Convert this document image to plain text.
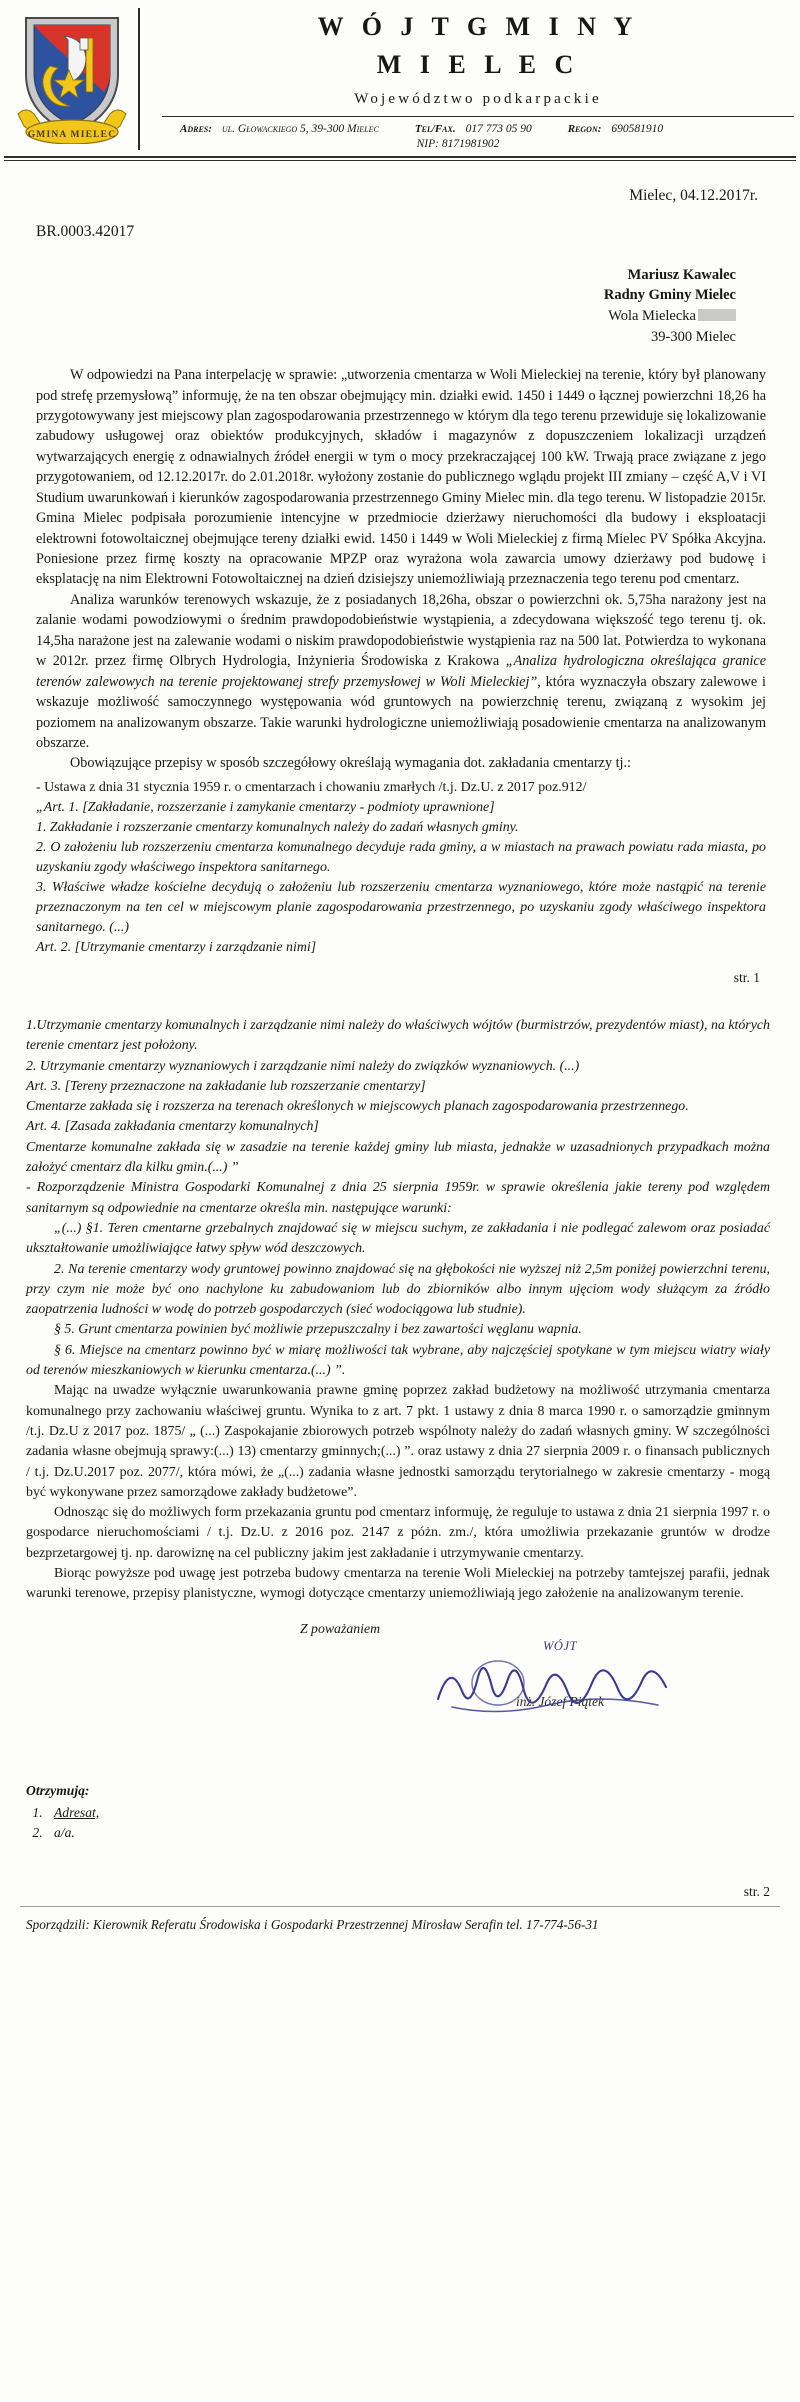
GMINA MIELEC
W Ó J T G M I N Y
M I E L E C
Województwo podkarpackie
Adres: ul. Głowackiego 5, 39-300 Mielec	Tel/Fax. 017 773 05 90	Regon: 690581910
NIP: 8171981902
Mielec, 04.12.2017r.
BR.0003.42017
Mariusz Kawalec
Radny Gminy Mielec
Wola Mielecka
39-300 Mielec

W odpowiedzi na Pana interpelację w sprawie: „utworzenia cmentarza w Woli Mieleckiej na terenie, który był planowany pod strefę przemysłową” informuję, że na ten obszar obejmujący min. działki ewid. 1450 i 1449 o łącznej powierzchni 18,26 ha przygotowywany jest miejscowy plan zagospodarowania przestrzennego w którym dla tego terenu przewiduje się lokalizowanie zabudowy usługowej oraz obiektów produkcyjnych, składów i magazynów z dopuszczeniem lokalizacji urządzeń wytwarzających energię z odnawialnych źródeł energii w tym o mocy przekraczającej 100 kW. Trwają prace związane z jego przygotowaniem, od 12.12.2017r. do 2.01.2018r. wyłożony zostanie do publicznego wglądu projekt III zmiany – część A,V i VI Studium uwarunkowań i kierunków zagospodarowania przestrzennego Gminy Mielec min. dla tego terenu. W listopadzie 2015r. Gmina Mielec podpisała porozumienie intencyjne w przedmiocie dzierżawy nieruchomości dla budowy i eksploatacji elektrowni fotowoltaicznej obejmujące tereny działki ewid. 1450 i 1449 w Woli Mieleckiej z firmą Mielec PV Spółka Akcyjna. Poniesione przez firmę koszty na opracowanie MPZP oraz wyrażona wola zawarcia umowy dzierżawy pod budowę i eksplatację na nim Elektrowni Fotowoltaicznej na dzień dzisiejszy uniemożliwiają przeznaczenia tego terenu pod cmentarz.

Analiza warunków terenowych wskazuje, że z posiadanych 18,26ha, obszar o powierzchni ok. 5,75ha narażony jest na zalanie wodami powodziowymi o średnim prawdopodobieństwie wystąpienia, a zdecydowana większość tego terenu tj. ok. 14,5ha narażone jest na zalewanie wodami o niskim prawdopodobieństwie wystąpienia raz na 500 lat. Potwierdza to wykonana w 2012r. przez firmę Olbrych Hydrologia, Inżynieria Środowiska z Krakowa „Analiza hydrologiczna określająca granice terenów zalewowych na terenie projektowanej strefy przemysłowej w Woli Mieleckiej”, która wyznaczyła obszary zalewowe i wskazuje możliwość samoczynnego występowania wód gruntowych na powierzchnię terenu, związaną z wysokim jej poziomem na analizowanym obszarze. Takie warunki hydrologiczne uniemożliwiają posadowienie cmentarza na analizowanym obszarze.

Obowiązujące przepisy w sposób szczegółowy określają wymagania dot. zakładania cmentarzy tj.:

- Ustawa z dnia 31 stycznia 1959 r. o cmentarzach i chowaniu zmarłych /t.j. Dz.U. z 2017 poz.912/

„Art. 1. [Zakładanie, rozszerzanie i zamykanie cmentarzy - podmioty uprawnione]

1. Zakładanie i rozszerzanie cmentarzy komunalnych należy do zadań własnych gminy.

2. O założeniu lub rozszerzeniu cmentarza komunalnego decyduje rada gminy, a w miastach na prawach powiatu rada miasta, po uzyskaniu zgody właściwego inspektora sanitarnego.

3. Właściwe władze kościelne decydują o założeniu lub rozszerzeniu cmentarza wyznaniowego, które może nastąpić na terenie przeznaczonym na ten cel w miejscowym planie zagospodarowania przestrzennego, po uzyskaniu zgody właściwego inspektora sanitarnego. (...)

Art. 2. [Utrzymanie cmentarzy i zarządzanie nimi]

str. 1

1.Utrzymanie cmentarzy komunalnych i zarządzanie nimi należy do właściwych wójtów (burmistrzów, prezydentów miast), na których terenie cmentarz jest położony.

2. Utrzymanie cmentarzy wyznaniowych i zarządzanie nimi należy do związków wyznaniowych. (...)

Art. 3. [Tereny przeznaczone na zakładanie lub rozszerzanie cmentarzy]

Cmentarze zakłada się i rozszerza na terenach określonych w miejscowych planach zagospodarowania przestrzennego.

Art. 4. [Zasada zakładania cmentarzy komunalnych]

Cmentarze komunalne zakłada się w zasadzie na terenie każdej gminy lub miasta, jednakże w uzasadnionych przypadkach można założyć cmentarz dla kilku gmin.(...) ”

- Rozporządzenie Ministra Gospodarki Komunalnej z dnia 25 sierpnia 1959r. w sprawie określenia jakie tereny pod względem sanitarnym są odpowiednie na cmentarze określa min. następujące warunki:

„(...) §1. Teren cmentarne grzebalnych znajdować się w miejscu suchym, ze zakładania i nie podlegać zalewom oraz posiadać ukształtowanie umożliwiające łatwy spływ wód deszczowych.

2. Na terenie cmentarzy wody gruntowej powinno znajdować się na głębokości nie wyższej niż 2,5m poniżej powierzchni terenu, przy czym nie może być ono nachylone ku zabudowaniom lub do zbiorników albo innym ujęciom wody służącym za źródło zaopatrzenia ludności w wodę do potrzeb gospodarczych (sieć wodociągowa lub studnie).

§ 5. Grunt cmentarza powinien być możliwie przepuszczalny i bez zawartości węglanu wapnia.

§ 6. Miejsce na cmentarz powinno być w miarę możliwości tak wybrane, aby najczęściej spotykane w tym miejscu wiatry wiały od terenów mieszkaniowych w kierunku cmentarza.(...) ”.

Mając na uwadze wyłącznie uwarunkowania prawne gminę poprzez zakład budżetowy na możliwość utrzymania cmentarza komunalnego przy zachowaniu właściwej gruntu. Wynika to z art. 7 pkt. 1 ustawy z dnia 8 marca 1990 r. o samorządzie gminnym /t.j. Dz.U z 2017 poz. 1875/ „ (...) Zaspokajanie zbiorowych potrzeb wspólnoty należy do zadań własnych gminy. W szczególności zadania własne obejmują sprawy:(...) 13) cmentarzy gminnych;(...) ”. oraz ustawy z dnia 27 sierpnia 2009 r. o finansach publicznych / t.j. Dz.U.2017 poz. 2077/, która mówi, że „(...) zadania własne jednostki samorządu terytorialnego w zakresie cmentarzy - mogą być wykonywane przez samorządowe zakłady budżetowe”.

Odnosząc się do możliwych form przekazania gruntu pod cmentarz informuję, że reguluje to ustawa z dnia 21 sierpnia 1997 r. o gospodarce nieruchomościami / t.j. Dz.U. z 2016 poz. 2147 z póżn. zm./, która umożliwia przekazanie gruntów w drodze bezprzetargowej tj. np. darowiznę na cel publiczny jakim jest zakładanie i utrzymywanie cmentarzy.

Biorąc powyższe pod uwagę jest potrzeba budowy cmentarza na terenie Woli Mieleckiej na potrzeby tamtejszej parafii, jednak warunki terenowe, przepisy planistyczne, wymogi dotyczące cmentarzy uniemożliwiają jego założenie na analizowanym terenie.

Z poważaniem
WÓJT
inż. Józef Piątek
Otrzymują:
1. Adresat,
2. a/a.
str. 2
Sporządzili: Kierownik Referatu Środowiska i Gospodarki Przestrzennej Mirosław Serafin tel. 17-774-56-31
